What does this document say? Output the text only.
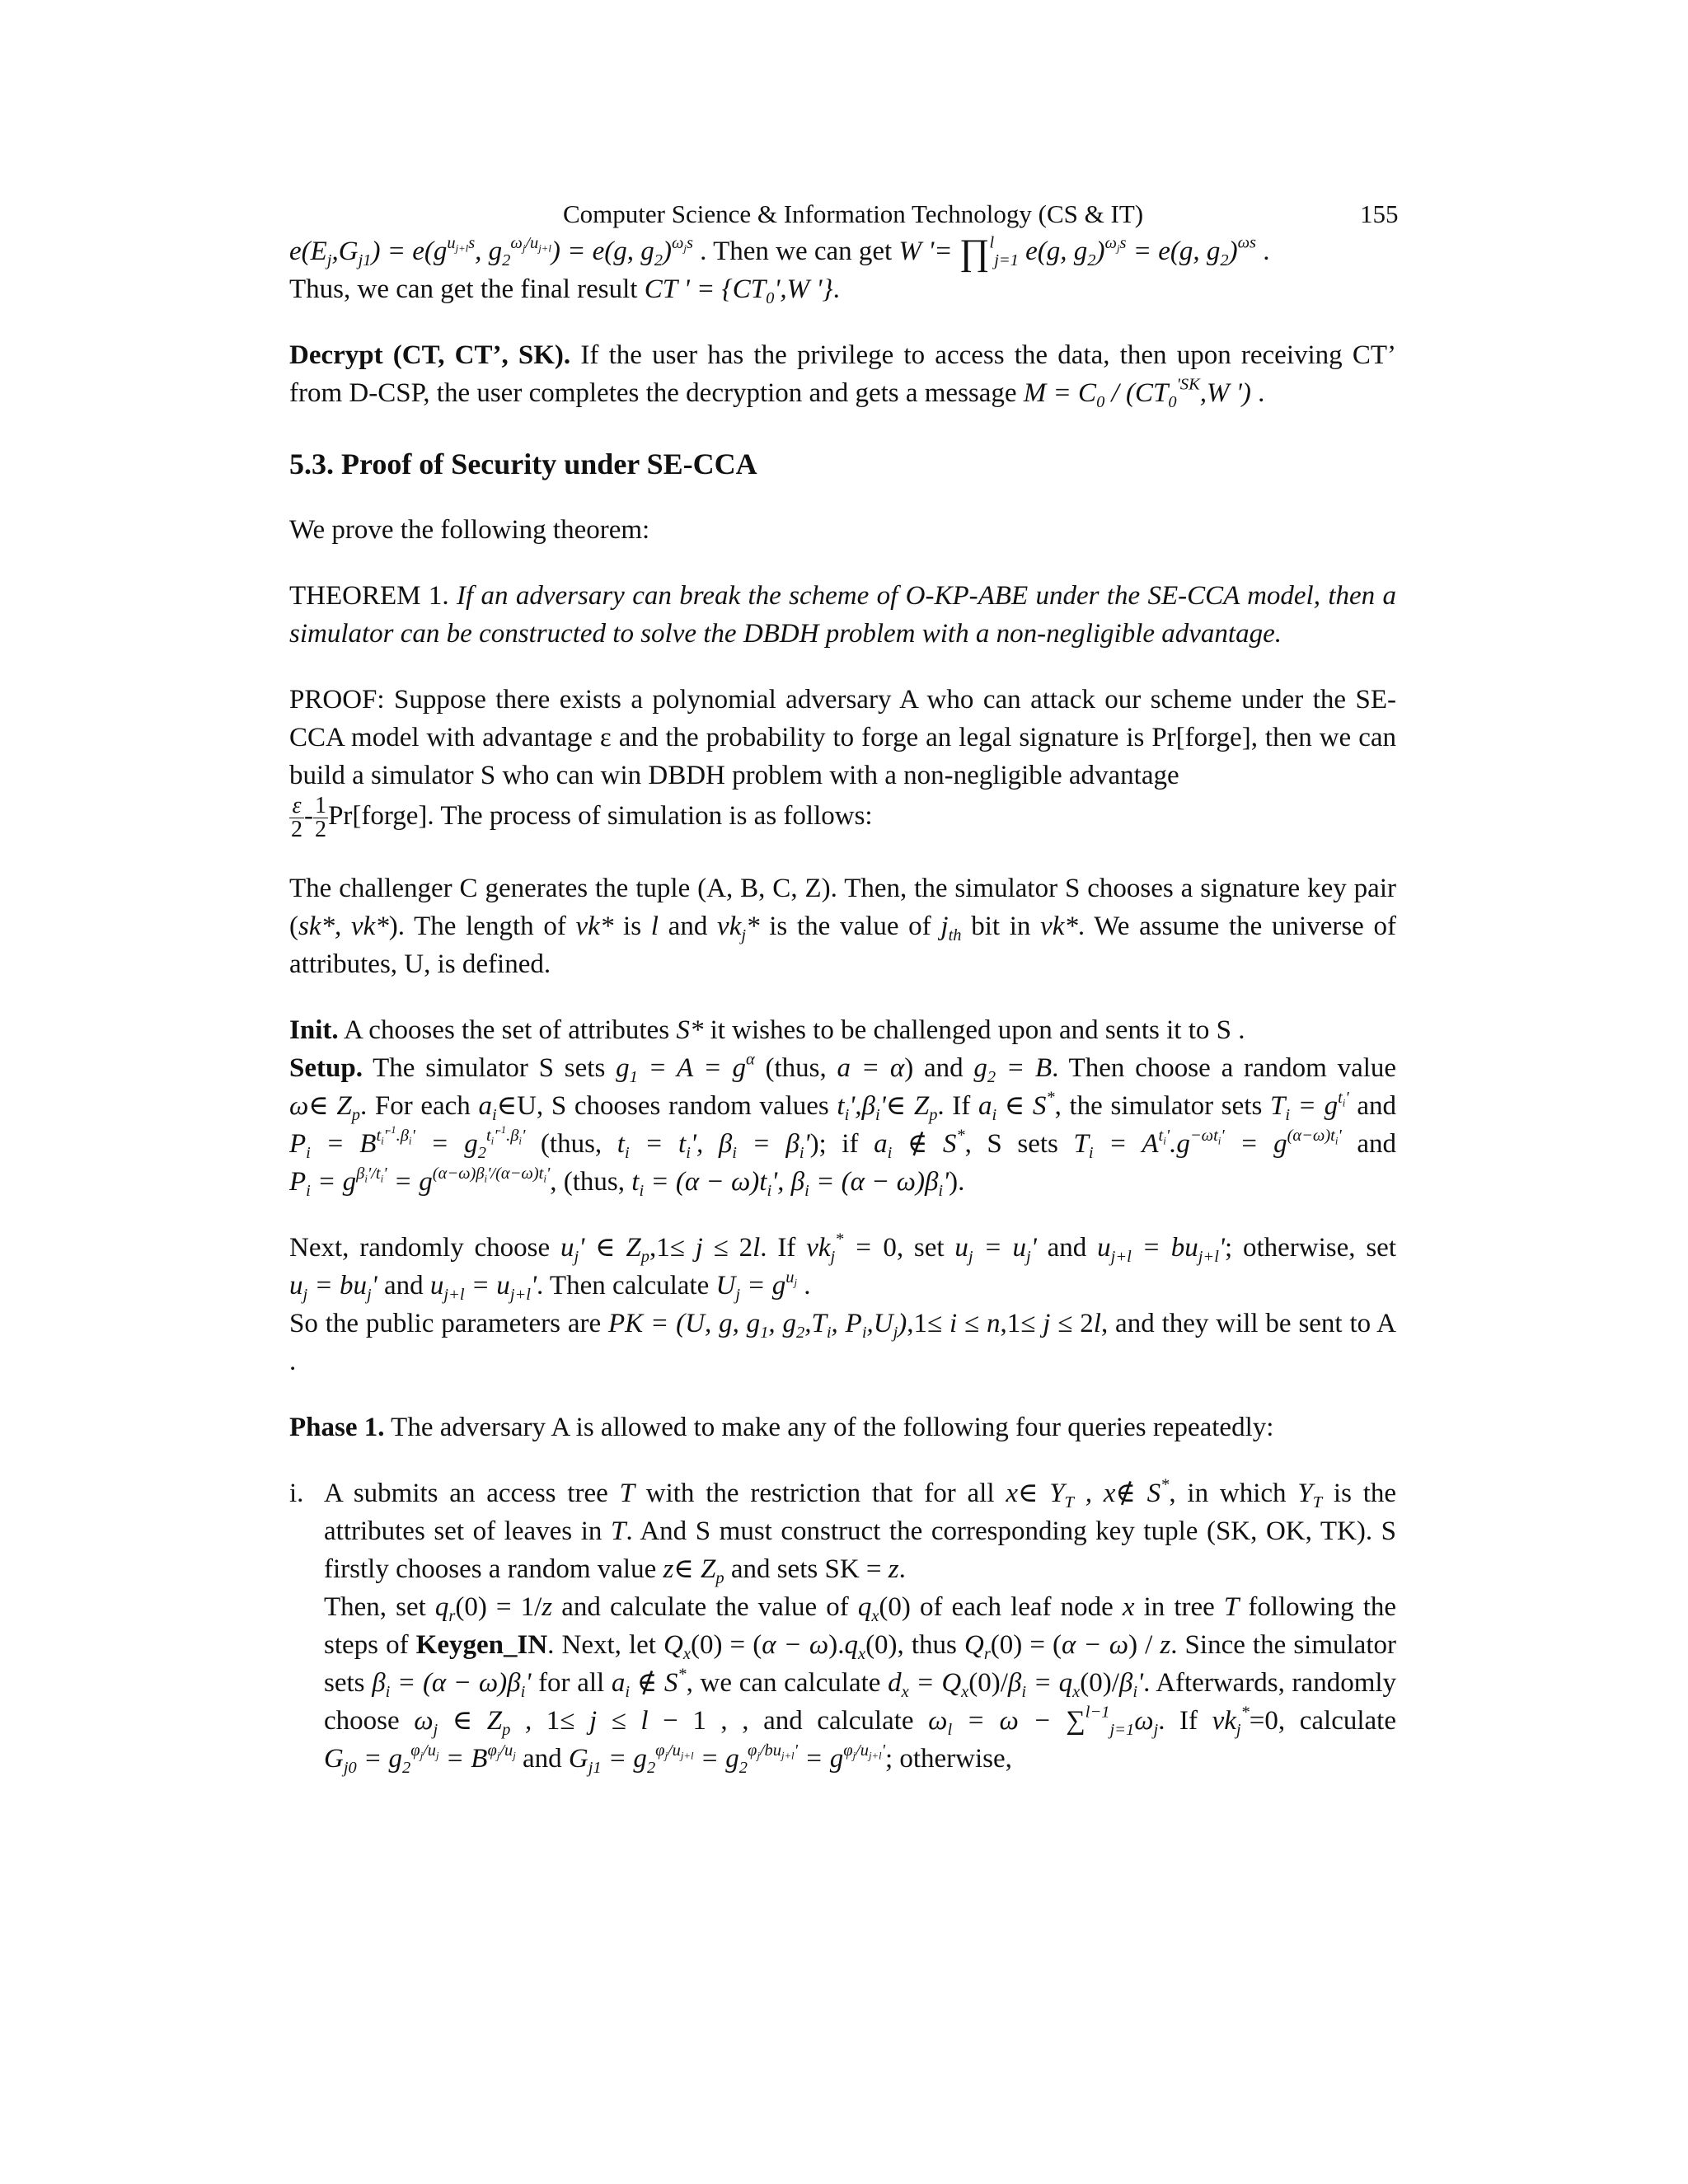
Computer Science & Information Technology (CS & IT)	155

$e(E_j,G_{j1}) = e(g^{u_{j+l}s}$, $g_2^{\omega_j/u_{j+l}}) = e(g$, $g_2)^{\omega_js}$ . Then we can get W '= ∏$^l_{j=1}$ e(g, $g_2)^{\omega_js} = e(g$, $g_2)^{\omega s}$ .
Thus, we can get the final result CT ' = {$CT_0',W$ '}.

Decrypt (CT, CT’, SK). If the user has the privilege to access the data, then upon receiving CT’ from D-CSP, the user completes the decryption and gets a message $M = C_0 / (CT_0^{'SK},W$ ') .

5.3. Proof of Security under SE-CCA

We prove the following theorem:

THEOREM 1. If an adversary can break the scheme of O-KP-ABE under the SE-CCA model, then a simulator can be constructed to solve the DBDH problem with a non-negligible advantage.

PROOF: Suppose there exists a polynomial adversary A who can attack our scheme under the SE-CCA model with advantage ε and the probability to forge an legal signature is Pr[forge], then we can build a simulator S who can win DBDH problem with a non-negligible advantage

$\frac{\varepsilon}{2} - \frac{1}{2}$ Pr[forge]. The process of simulation is as follows:

The challenger C generates the tuple (A, B, C, Z). Then, the simulator S chooses a signature key pair (sk*, vk*). The length of vk* is l and $vk_j*$ is the value of $j_{th}$ bit in vk*. We assume the universe of attributes, U, is defined.

Init. A chooses the set of attributes S* it wishes to be challenged upon and sents it to S .

Setup. The simulator S sets $g_1 = A = g^\alpha$ (thus, a = α) and $g_2 = B$. Then choose a random value ω∈ $Z_p$. For each $a_i\in U$, S chooses random values $t_i',\beta_i'\in$ $Z_p$. If $a_i$ ∈ S*, the simulator sets $T_i = g^{t_i'}$ and $P_i = B^{t_i'^{-1}.\beta_i'} = g_2^{t_i'^{-1}.\beta_i'}$ (thus, $t_i = t_i'$, $\beta_i = \beta_i'$); if $a_i$ ∉ S*, S sets $T_i = A^{t_i'}.g^{-\omega t_i'} = g^{(\alpha-\omega)t_i'}$ and $P_i = g^{\beta_i'/t_i'} = g^{(\alpha-\omega)\beta_i'/(\alpha-\omega)t_i'}$, (thus, $t_i = (\alpha - \omega)t_i'$, $\beta_i = (\alpha - \omega)\beta_i'$).

Next, randomly choose $u_j'$ ∈ $Z_p,1\le j \le 2l$. If $vk_j^* = 0$, set $u_j = u_j'$ and $u_{j+l} = bu_{j+l}'$; otherwise, set $u_j = bu_j'$ and $u_{j+l} = u_{j+l}'$. Then calculate $U_j = g^{u_j}$ .

So the public parameters are PK = (U, g, $g_1$, $g_2,T_i$, $P_i,U_j),1\le i \le n,1\le j \le 2l$, and they will be sent to A .

Phase 1. The adversary A is allowed to make any of the following four queries repeatedly:

i. A submits an access tree T with the restriction that for all x∈ $Y_T$ , x∉ S*, in which $Y_T$ is the attributes set of leaves in T. And S must construct the corresponding key tuple (SK, OK, TK). S firstly chooses a random value z∈ $Z_p$ and sets SK = z.
Then, set $q_r(0) = 1/z$ and calculate the value of $q_x(0)$ of each leaf node x in tree T following the steps of Keygen_IN. Next, let $Q_x(0) = (\alpha - \omega).q_x(0)$, thus $Q_r(0) = (\alpha - \omega) / z$. Since the simulator sets $\beta_i = (\alpha - \omega)\beta_i'$ for all $a_i$ ∉ S*, we can calculate $d_x = Q_x(0)/\beta_i = q_x(0)/\beta_i'$. Afterwards, randomly choose $\omega_j$ ∈ $Z_p$ , 1≤ j ≤ l − 1 , , and calculate $\omega_l = \omega - \sum^{l-1}_{j=1}\omega_j$. If $vk_j^*=0$, calculate $G_{j0} = g_2^{\varphi_j/u_j} = B^{\varphi_j/u_j}$ and $G_{j1} = g_2^{\varphi_j/u_{j+l}} = g_2^{\varphi_j/bu_{j+l}'} = g^{\varphi_j/u_{j+l}'}$; otherwise,
